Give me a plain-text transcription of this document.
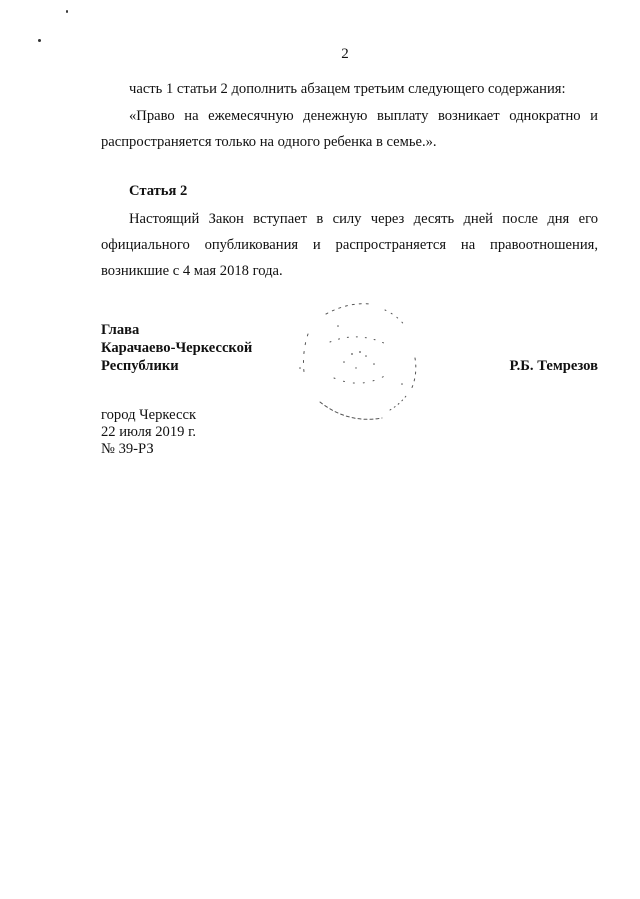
2

часть 1 статьи 2 дополнить абзацем третьим следующего содержания:

«Право на ежемесячную денежную выплату возникает однократно и распространяется только на одного ребенка в семье.».

Статья 2

Настоящий Закон вступает в силу через десять дней после дня его официального опубликования и распространяется на правоотношения, возникшие с 4 мая 2018 года.

Глава
Карачаево-Черкесской
Республики	Р.Б. Темрезов
город Черкесск
22 июля 2019 г.
№ 39-РЗ
